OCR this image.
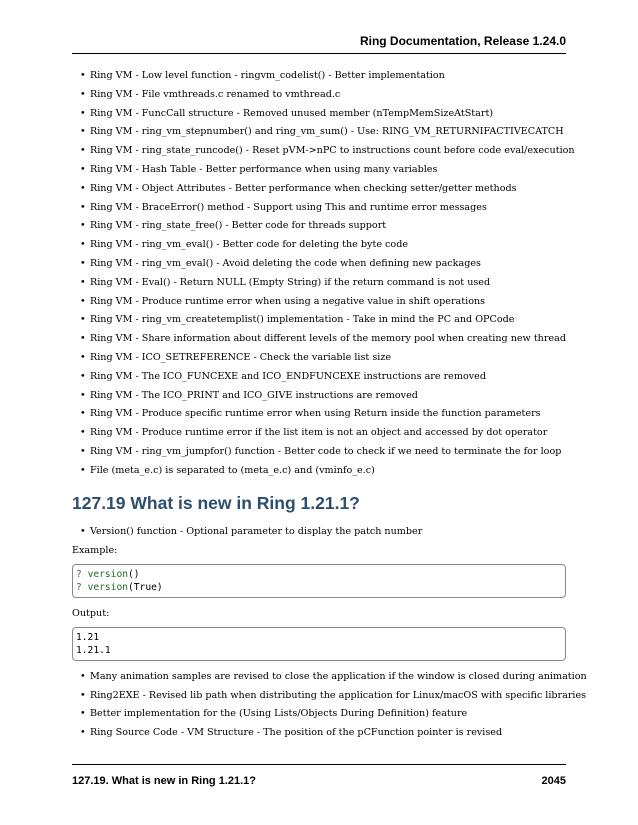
Ring Documentation, Release 1.24.0
• Ring VM - Low level function - ringvm_codelist() - Better implementation
• Ring VM - File vmthreads.c renamed to vmthread.c
• Ring VM - FuncCall structure - Removed unused member (nTempMemSizeAtStart)
• Ring VM - ring_vm_stepnumber() and ring_vm_sum() - Use: RING_VM_RETURNIFACTIVECATCH
• Ring VM - ring_state_runcode() - Reset pVM->nPC to instructions count before code eval/execution
• Ring VM - Hash Table - Better performance when using many variables
• Ring VM - Object Attributes - Better performance when checking setter/getter methods
• Ring VM - BraceError() method - Support using This and runtime error messages
• Ring VM - ring_state_free() - Better code for threads support
• Ring VM - ring_vm_eval() - Better code for deleting the byte code
• Ring VM - ring_vm_eval() - Avoid deleting the code when defining new packages
• Ring VM - Eval() - Return NULL (Empty String) if the return command is not used
• Ring VM - Produce runtime error when using a negative value in shift operations
• Ring VM - ring_vm_createtemplist() implementation - Take in mind the PC and OPCode
• Ring VM - Share information about different levels of the memory pool when creating new thread
• Ring VM - ICO_SETREFERENCE - Check the variable list size
• Ring VM - The ICO_FUNCEXE and ICO_ENDFUNCEXE instructions are removed
• Ring VM - The ICO_PRINT and ICO_GIVE instructions are removed
• Ring VM - Produce specific runtime error when using Return inside the function parameters
• Ring VM - Produce runtime error if the list item is not an object and accessed by dot operator
• Ring VM - ring_vm_jumpfor() function - Better code to check if we need to terminate the for loop
• File (meta_e.c) is separated to (meta_e.c) and (vminfo_e.c)
127.19 What is new in Ring 1.21.1?
• Version() function - Optional parameter to display the patch number

Example:

? version()
? version(True)

Output:

1.21
1.21.1
• Many animation samples are revised to close the application if the window is closed during animation
• Ring2EXE - Revised lib path when distributing the application for Linux/macOS with specific libraries
• Better implementation for the (Using Lists/Objects During Definition) feature
• Ring Source Code - VM Structure - The position of the pCFunction pointer is revised
127.19. What is new in Ring 1.21.1?	2045
